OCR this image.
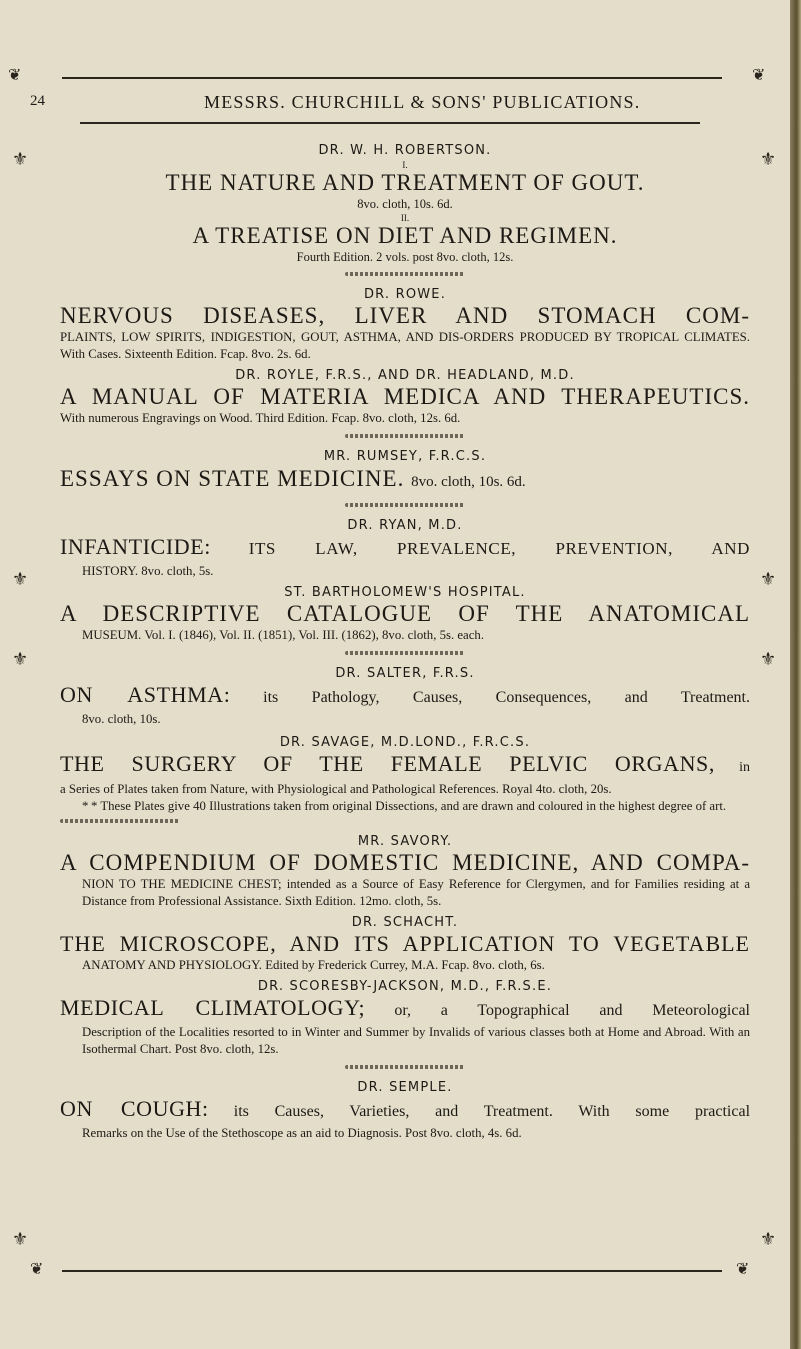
❦	❦
24	MESSRS. CHURCHILL & SONS' PUBLICATIONS.
⚜
⚜
⚜
⚜
⚜
⚜
⚜
⚜
DR. W. H. ROBERTSON.
I.
THE NATURE AND TREATMENT OF GOUT.
8vo. cloth, 10s. 6d.
II.
A TREATISE ON DIET AND REGIMEN.
Fourth Edition. 2 vols. post 8vo. cloth, 12s.
DR. ROWE.
NERVOUS DISEASES, LIVER AND STOMACH COM-
PLAINTS, LOW SPIRITS, INDIGESTION, GOUT, ASTHMA, AND DIS-ORDERS PRODUCED BY TROPICAL CLIMATES. With Cases. Sixteenth Edition. Fcap. 8vo. 2s. 6d.
DR. ROYLE, F.R.S., AND DR. HEADLAND, M.D.
A MANUAL OF MATERIA MEDICA AND THERAPEUTICS.
With numerous Engravings on Wood. Third Edition. Fcap. 8vo. cloth, 12s. 6d.
MR. RUMSEY, F.R.C.S.
ESSAYS ON STATE MEDICINE. 8vo. cloth, 10s. 6d.
DR. RYAN, M.D.
INFANTICIDE: ITS LAW, PREVALENCE, PREVENTION, AND
HISTORY. 8vo. cloth, 5s.
ST. BARTHOLOMEW'S HOSPITAL.
A DESCRIPTIVE CATALOGUE OF THE ANATOMICAL
MUSEUM. Vol. I. (1846), Vol. II. (1851), Vol. III. (1862), 8vo. cloth, 5s. each.
DR. SALTER, F.R.S.
ON ASTHMA: its Pathology, Causes, Consequences, and Treatment.
8vo. cloth, 10s.
DR. SAVAGE, M.D.LOND., F.R.C.S.
THE SURGERY OF THE FEMALE PELVIC ORGANS, in
a Series of Plates taken from Nature, with Physiological and Pathological References. Royal 4to. cloth, 20s.
* * These Plates give 40 Illustrations taken from original Dissections, and are drawn and coloured in the highest degree of art.
MR. SAVORY.
A COMPENDIUM OF DOMESTIC MEDICINE, AND COMPA-
NION TO THE MEDICINE CHEST; intended as a Source of Easy Reference for Clergymen, and for Families residing at a Distance from Professional Assistance. Sixth Edition. 12mo. cloth, 5s.
DR. SCHACHT.
THE MICROSCOPE, AND ITS APPLICATION TO VEGETABLE
ANATOMY AND PHYSIOLOGY. Edited by Frederick Currey, M.A. Fcap. 8vo. cloth, 6s.
DR. SCORESBY-JACKSON, M.D., F.R.S.E.
MEDICAL CLIMATOLOGY; or, a Topographical and Meteorological
Description of the Localities resorted to in Winter and Summer by Invalids of various classes both at Home and Abroad. With an Isothermal Chart. Post 8vo. cloth, 12s.
DR. SEMPLE.
ON COUGH: its Causes, Varieties, and Treatment. With some practical
Remarks on the Use of the Stethoscope as an aid to Diagnosis. Post 8vo. cloth, 4s. 6d.
❦	❦
